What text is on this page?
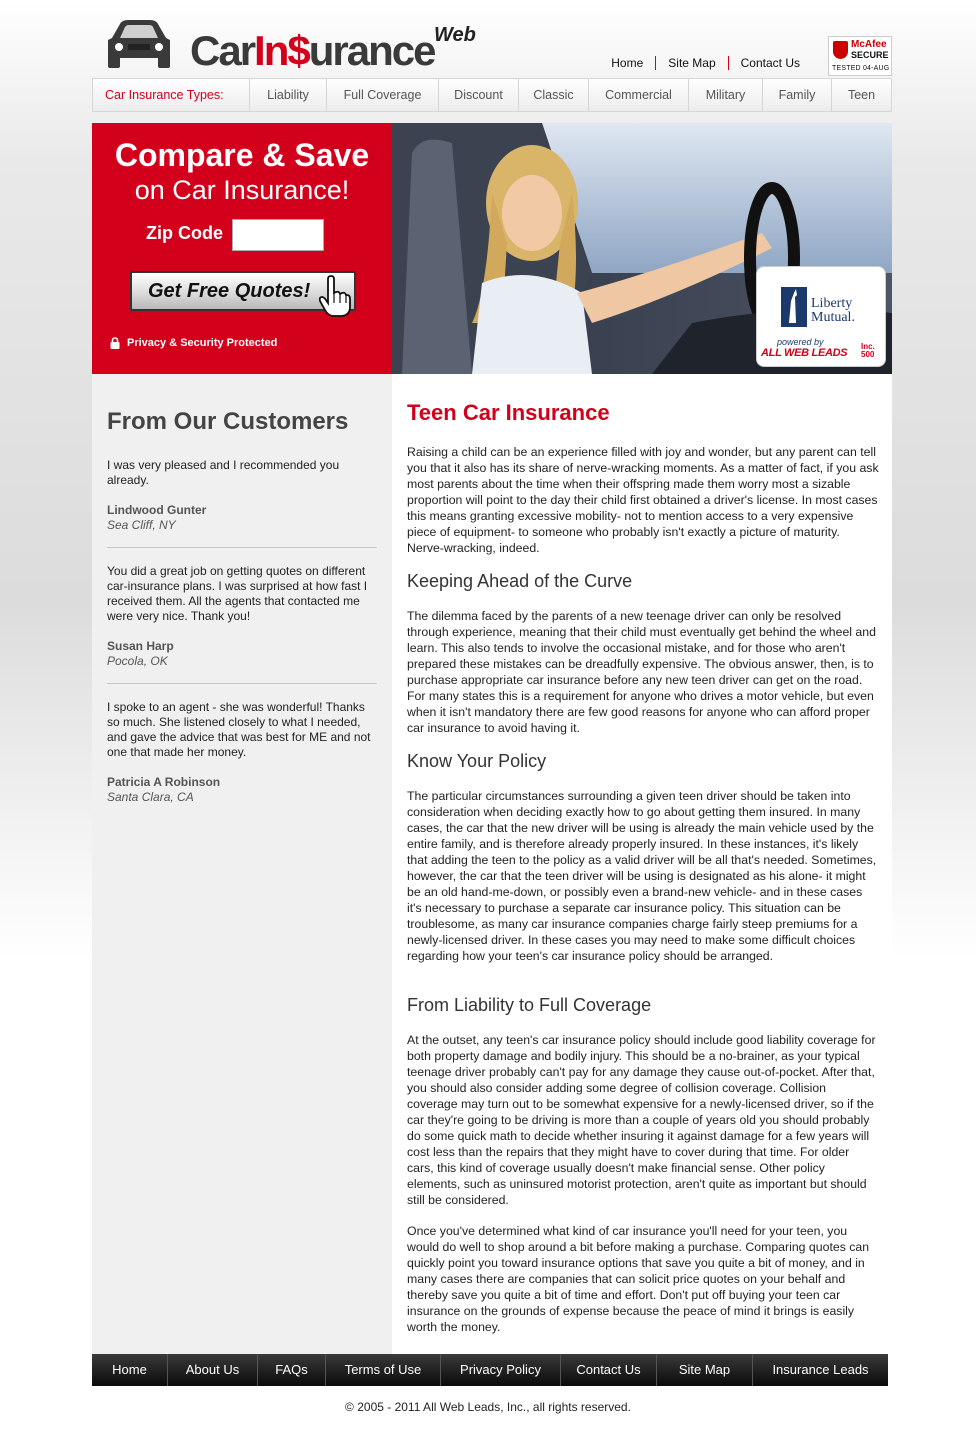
CarIn$urance Web
Home	Site Map	Contact Us
McAfee
SECURE
TESTED 04-AUG
Car Insurance Types:	Liability	Full Coverage	Discount	Classic	Commercial	Military	Family	Teen
Compare & Save
on Car Insurance!
Zip Code
Get Free Quotes!
Privacy & Security Protected
Liberty
Mutual.
powered by
ALL WEB LEADS
Inc.
500
From Our Customers
I was very pleased and I recommended you already.
Lindwood Gunter
Sea Cliff, NY
You did a great job on getting quotes on different car-insurance plans. I was surprised at how fast I received them. All the agents that contacted me were very nice. Thank you!
Susan Harp
Pocola, OK
I spoke to an agent - she was wonderful! Thanks so much. She listened closely to what I needed, and gave the advice that was best for ME and not one that made her money.
Patricia A Robinson
Santa Clara, CA
Teen Car Insurance

Raising a child can be an experience filled with joy and wonder, but any parent can tell you that it also has its share of nerve-wracking moments. As a matter of fact, if you ask most parents about the time when their offspring made them worry most a sizable proportion will point to the day their child first obtained a driver's license. In most cases this means granting excessive mobility- not to mention access to a very expensive piece of equipment- to someone who probably isn't exactly a picture of maturity. Nerve-wracking, indeed.

Keeping Ahead of the Curve

The dilemma faced by the parents of a new teenage driver can only be resolved through experience, meaning that their child must eventually get behind the wheel and learn. This also tends to involve the occasional mistake, and for those who aren't prepared these mistakes can be dreadfully expensive. The obvious answer, then, is to purchase appropriate car insurance before any new teen driver can get on the road. For many states this is a requirement for anyone who drives a motor vehicle, but even when it isn't mandatory there are few good reasons for anyone who can afford proper car insurance to avoid having it.

Know Your Policy

The particular circumstances surrounding a given teen driver should be taken into consideration when deciding exactly how to go about getting them insured. In many cases, the car that the new driver will be using is already the main vehicle used by the entire family, and is therefore already properly insured. In these instances, it's likely that adding the teen to the policy as a valid driver will be all that's needed. Sometimes, however, the car that the teen driver will be using is designated as his alone- it might be an old hand-me-down, or possibly even a brand-new vehicle- and in these cases it's necessary to purchase a separate car insurance policy. This situation can be troublesome, as many car insurance companies charge fairly steep premiums for a newly-licensed driver. In these cases you may need to make some difficult choices regarding how your teen's car insurance policy should be arranged.

From Liability to Full Coverage

At the outset, any teen's car insurance policy should include good liability coverage for both property damage and bodily injury. This should be a no-brainer, as your typical teenage driver probably can't pay for any damage they cause out-of-pocket. After that, you should also consider adding some degree of collision coverage. Collision coverage may turn out to be somewhat expensive for a newly-licensed driver, so if the car they're going to be driving is more than a couple of years old you should probably do some quick math to decide whether insuring it against damage for a few years will cost less than the repairs that they might have to cover during that time. For older cars, this kind of coverage usually doesn't make financial sense. Other policy elements, such as uninsured motorist protection, aren't quite as important but should still be considered.

Once you've determined what kind of car insurance you'll need for your teen, you would do well to shop around a bit before making a purchase. Comparing quotes can quickly point you toward insurance options that save you quite a bit of money, and in many cases there are companies that can solicit price quotes on your behalf and thereby save you quite a bit of time and effort. Don't put off buying your teen car insurance on the grounds of expense because the peace of mind it brings is easily worth the money.

Home	About Us	FAQs	Terms of Use	Privacy Policy	Contact Us	Site Map	Insurance Leads
© 2005 - 2011 All Web Leads, Inc., all rights reserved.
